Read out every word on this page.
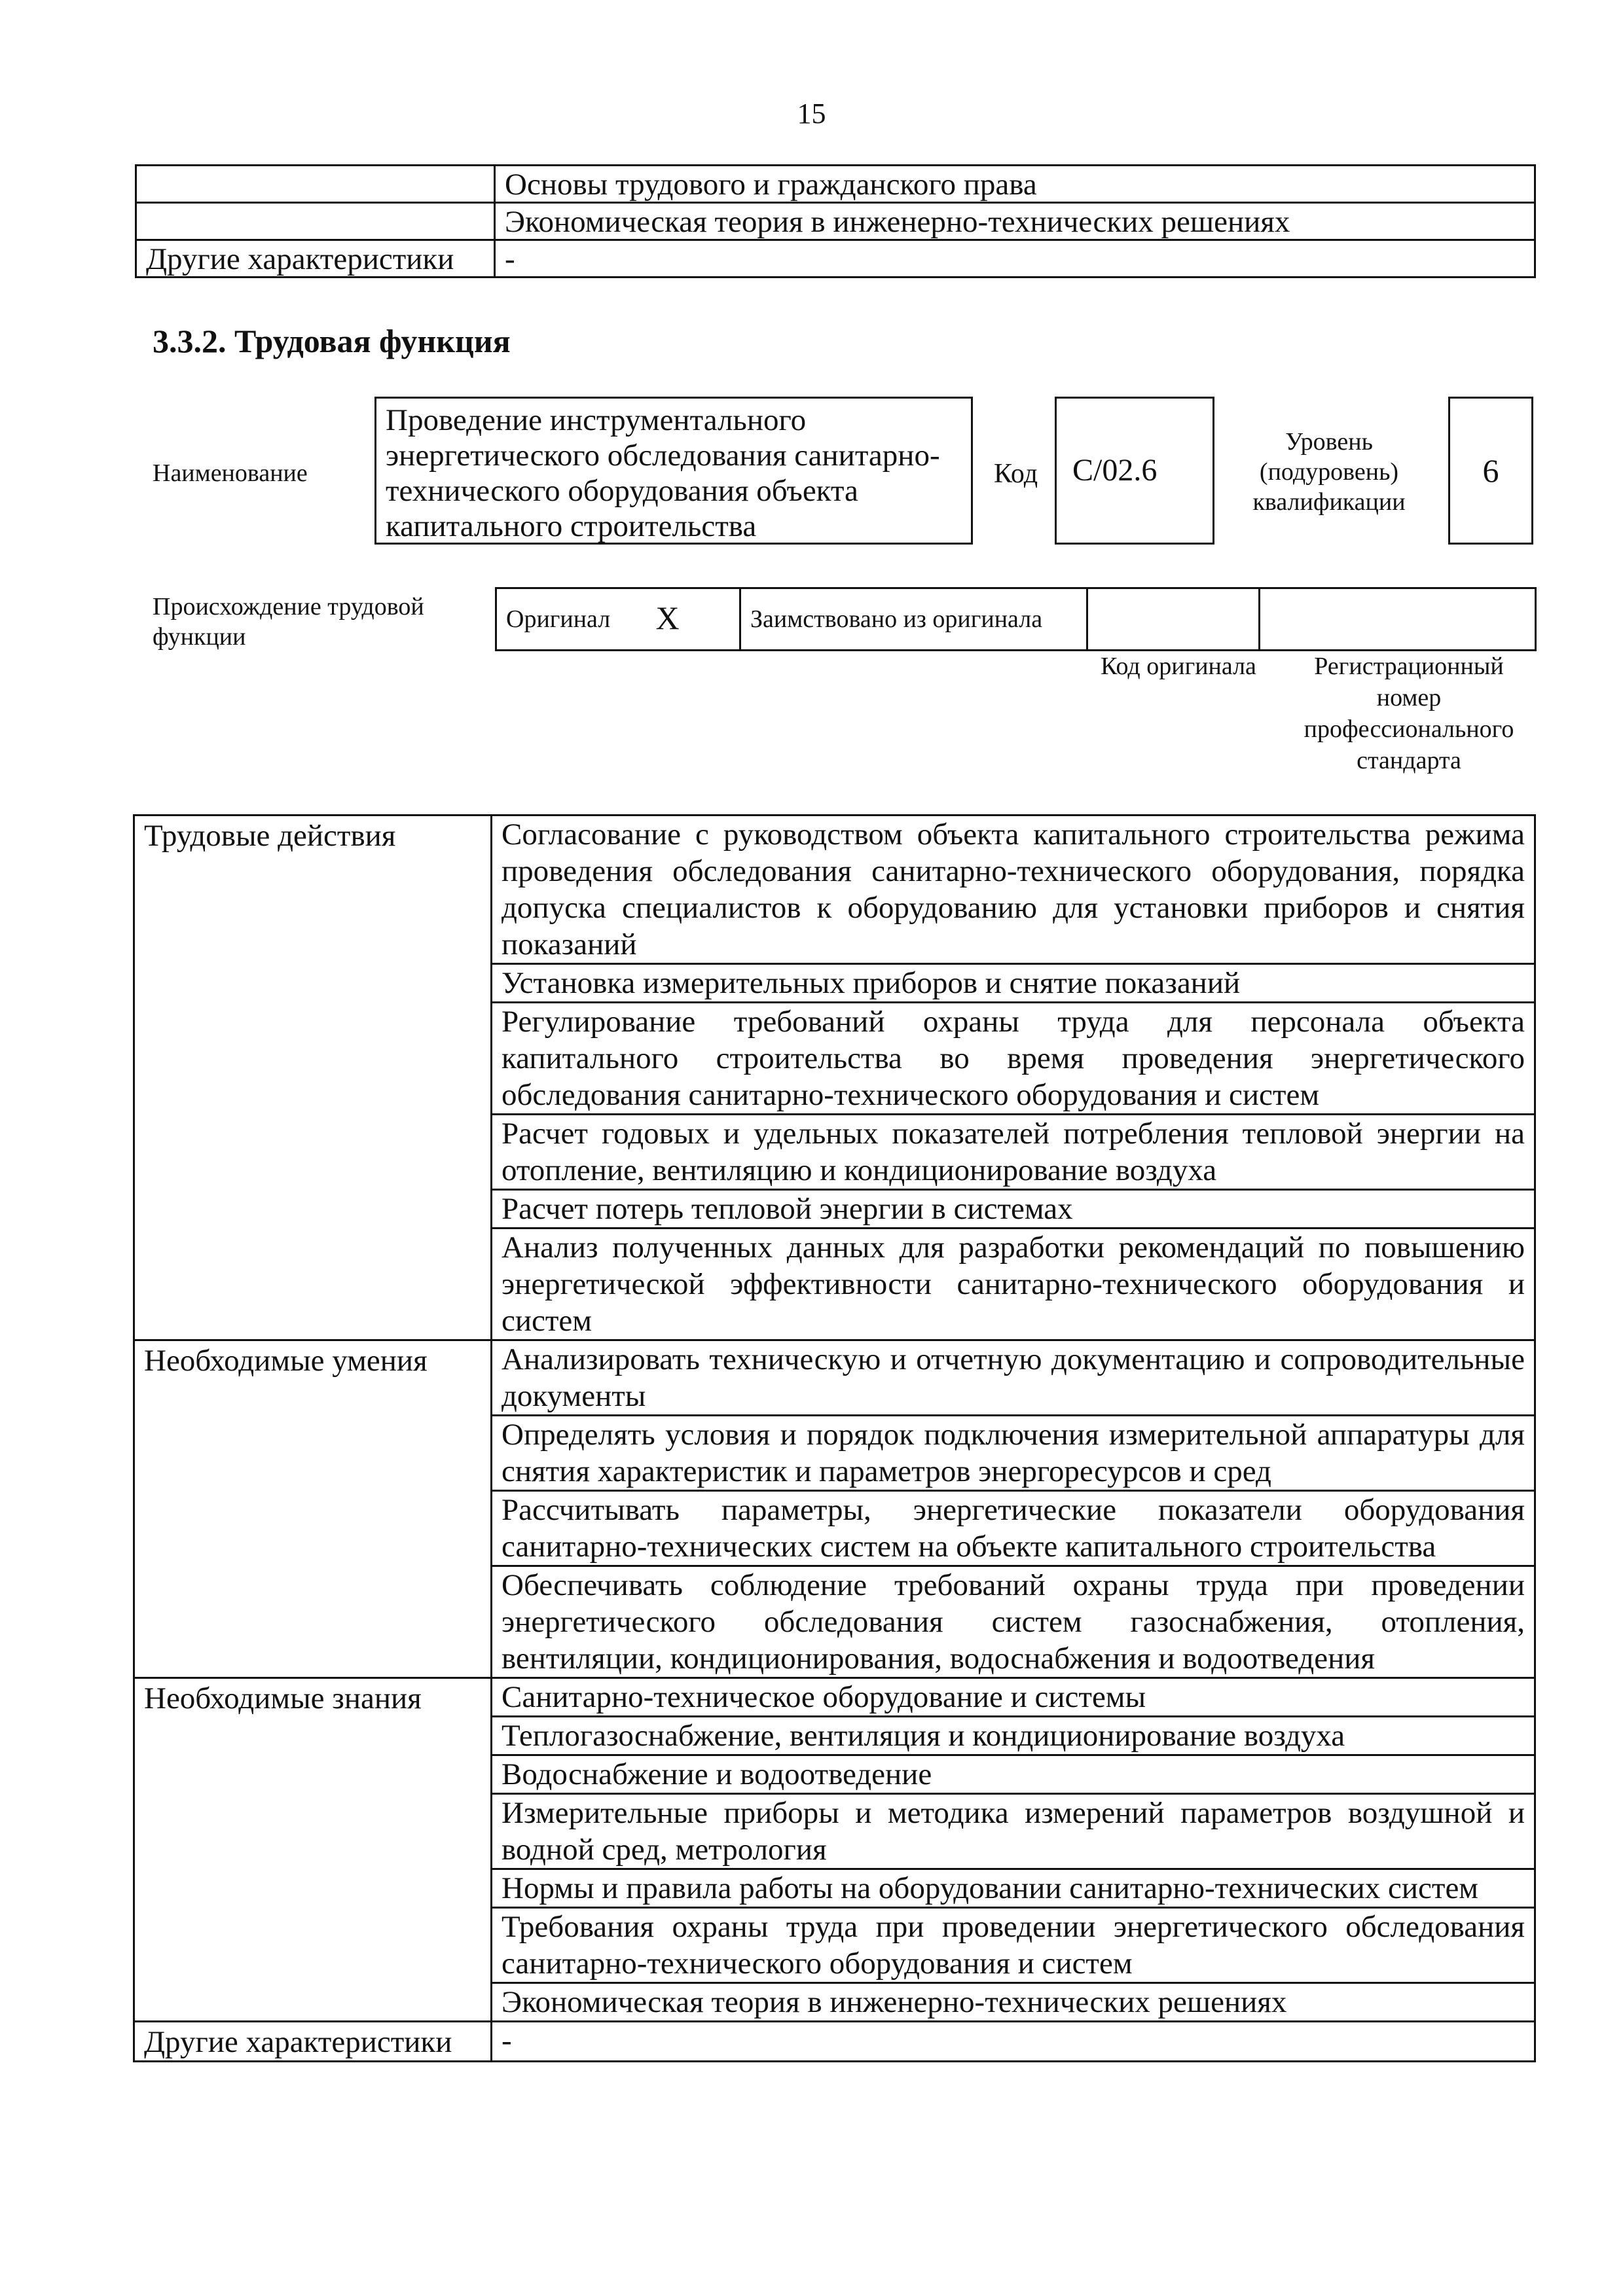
15
	Основы трудового и гражданского права
	Экономическая теория в инженерно-технических решениях
Другие характеристики	-
3.3.2. Трудовая функция
Наименование
Проведение инструментального энергетического обследования санитарно-технического оборудования объекта капитального строительства
Код	C/02.6
Уровень (подуровень) квалификации
6
Происхождение трудовой функции
Оригинал	X	Заимствовано из оригинала		
Код оригинала	Регистрационный номер профессионального стандарта
Трудовые действия	Согласование с руководством объекта капитального строительства режима проведения обследования санитарно-технического оборудования, порядка допуска специалистов к оборудованию для установки приборов и снятия показаний
	Установка измерительных приборов и снятие показаний
	Регулирование требований охраны труда для персонала объекта капитального строительства во время проведения энергетического обследования санитарно-технического оборудования и систем
	Расчет годовых и удельных показателей потребления тепловой энергии на отопление, вентиляцию и кондиционирование воздуха
	Расчет потерь тепловой энергии в системах
	Анализ полученных данных для разработки рекомендаций по повышению энергетической эффективности санитарно-технического оборудования и систем
Необходимые умения	Анализировать техническую и отчетную документацию и сопроводительные документы
	Определять условия и порядок подключения измерительной аппаратуры для снятия характеристик и параметров энергоресурсов и сред
	Рассчитывать параметры, энергетические показатели оборудования санитарно-технических систем на объекте капитального строительства
	Обеспечивать соблюдение требований охраны труда при проведении энергетического обследования систем газоснабжения, отопления, вентиляции, кондиционирования, водоснабжения и водоотведения
Необходимые знания	Санитарно-техническое оборудование и системы
	Теплогазоснабжение, вентиляция и кондиционирование воздуха
	Водоснабжение и водоотведение
	Измерительные приборы и методика измерений параметров воздушной и водной сред, метрология
	Нормы и правила работы на оборудовании санитарно-технических систем
	Требования охраны труда при проведении энергетического обследования санитарно-технического оборудования и систем
	Экономическая теория в инженерно-технических решениях
Другие характеристики	-
